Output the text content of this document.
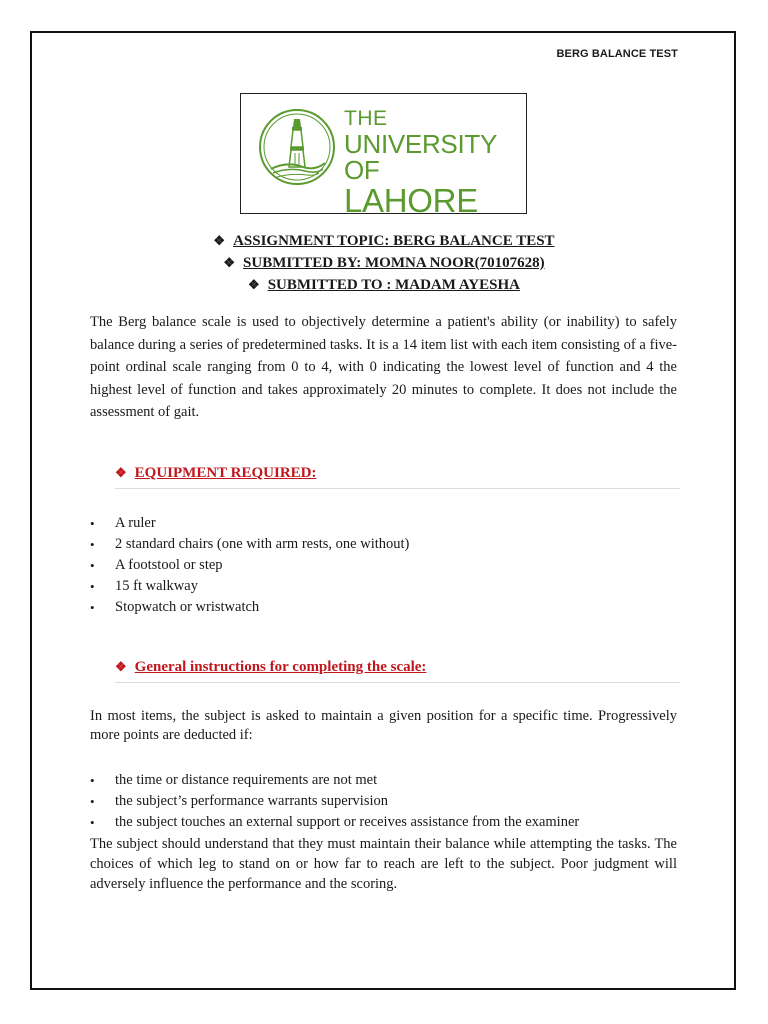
BERG BALANCE TEST
THE
UNIVERSITY OF
LAHORE
❖ ASSIGNMENT TOPIC: BERG BALANCE TEST
❖ SUBMITTED BY: MOMNA NOOR(70107628)
❖ SUBMITTED TO : MADAM AYESHA

The Berg balance scale is used to objectively determine a patient's ability (or inability) to safely balance during a series of predetermined tasks. It is a 14 item list with each item consisting of a five-point ordinal scale ranging from 0 to 4, with 0 indicating the lowest level of function and 4 the highest level of function and takes approximately 20 minutes to complete. It does not include the assessment of gait.

❖ EQUIPMENT REQUIRED:
• A ruler
• 2 standard chairs (one with arm rests, one without)
• A footstool or step
• 15 ft walkway
• Stopwatch or wristwatch
❖ General instructions for completing the scale:

In most items, the subject is asked to maintain a given position for a specific time. Progressively more points are deducted if:

• the time or distance requirements are not met
• the subject’s performance warrants supervision
• the subject touches an external support or receives assistance from the examiner

The subject should understand that they must maintain their balance while attempting the tasks. The choices of which leg to stand on or how far to reach are left to the subject. Poor judgment will adversely influence the performance and the scoring.
